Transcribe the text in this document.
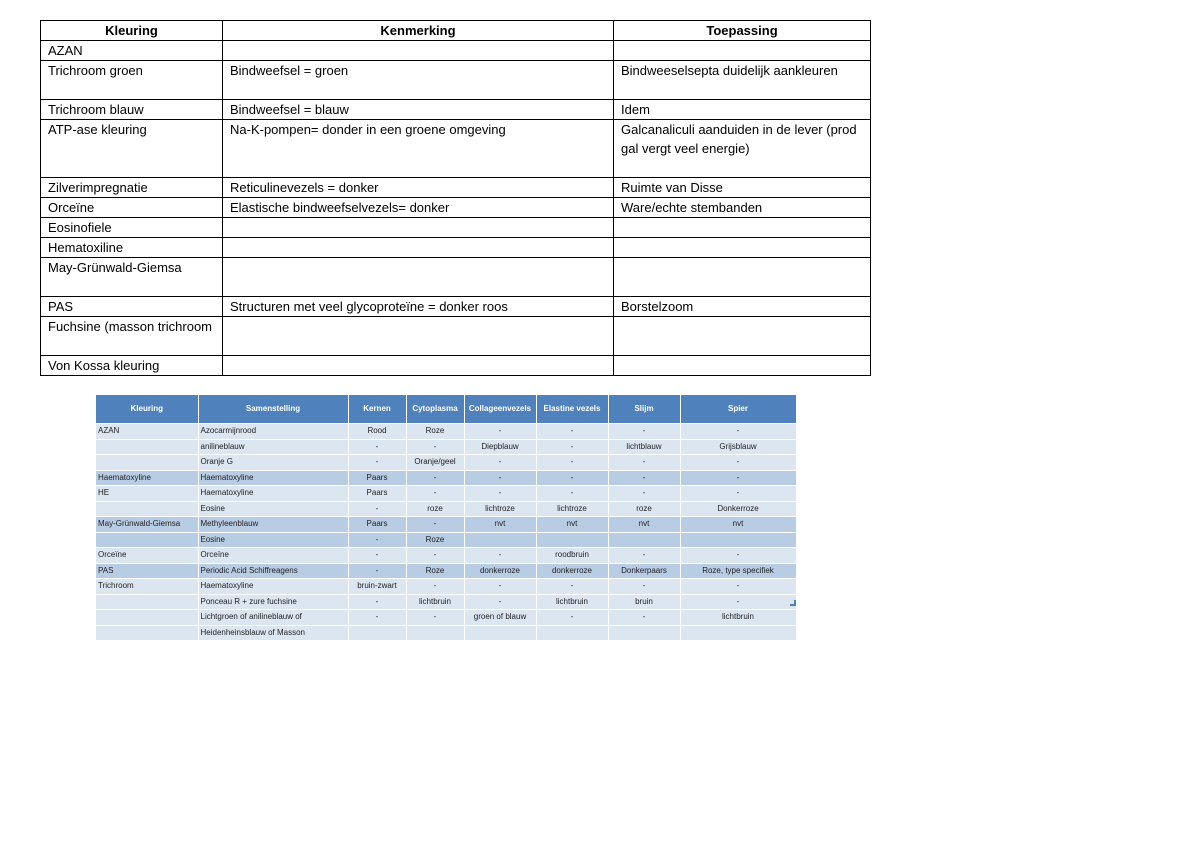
Kleuring	Kenmerking	Toepassing
AZAN		
Trichroom groen	Bindweefsel = groen	Bindweeselsepta duidelijk aankleuren
Trichroom blauw	Bindweefsel = blauw	Idem
ATP-ase kleuring	Na-K-pompen= donder in een groene omgeving	Galcanaliculi aanduiden in de lever (prod gal vergt veel energie)
Zilverimpregnatie	Reticulinevezels = donker	Ruimte van Disse
Orceïne	Elastische bindweefselvezels= donker	Ware/echte stembanden
Eosinofiele		
Hematoxiline		
May-Grünwald-Giemsa		
PAS	Structuren met veel glycoproteïne = donker roos	Borstelzoom
Fuchsine (masson trichroom		
Von Kossa kleuring		
Kleuring	Samenstelling	Kernen	Cytoplasma	Collageenvezels	Elastine vezels	Slijm	Spier
AZAN	Azocarmijnrood	Rood	Roze	-	-	-	-
	anilineblauw	-	-	Diepblauw	-	lichtblauw	Grijsblauw
	Oranje G	-	Oranje/geel	-	-	-	-
Haematoxyline	Haematoxyline	Paars	-	-	-	-	-
HE	Haematoxyline	Paars	-	-	-	-	-
	Eosine	-	roze	lichtroze	lichtroze	roze	Donkerroze
May-Grünwald-Giemsa	Methyleenblauw	Paars	-	nvt	nvt	nvt	nvt
	Eosine	-	Roze				
Orceïne	Orceïne	-	-	-	roodbruin	-	-
PAS	Periodic Acid Schiffreagens	-	Roze	donkerroze	donkerroze	Donkerpaars	Roze, type specifiek
Trichroom	Haematoxyline	bruin-zwart	-	-	-	-	-
	Ponceau R + zure fuchsine	-	lichtbruin	-	lichtbruin	bruin	-
	Lichtgroen of anilineblauw of	-	-	groen of blauw	-	-	lichtbruin
	Heidenheinsblauw of Masson						
